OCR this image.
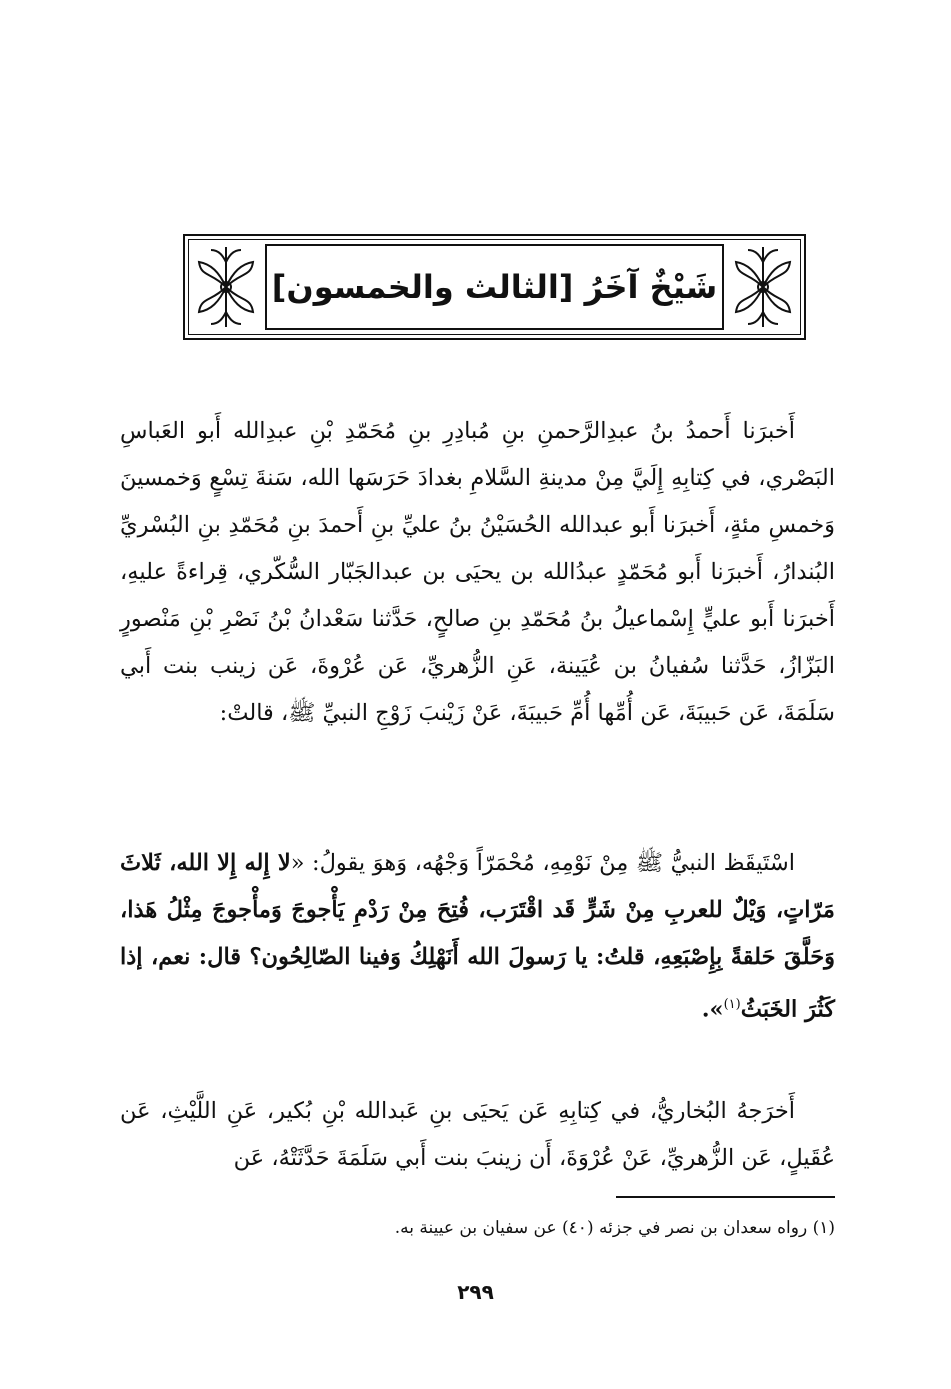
شَيْخٌ آخَرُ [الثالث والخمسون]

أَخبرَنا أَحمدُ بنُ عبدِالرَّحمنِ بنِ مُبادِرِ بنِ مُحَمّدِ بْنِ عبدِالله أَبو العَباسِ البَصْري، في كِتابِهِ إِلَيَّ مِنْ مدينةِ السَّلامِ بغدادَ حَرَسَها الله، سَنةَ تِسْعٍ وَخمسينَ وَخمسِ مئةٍ، أَخبرَنا أَبو عبدالله الحُسَيْنُ بنُ عليِّ بنِ أَحمدَ بنِ مُحَمّدِ بنِ البُسْريِّ البُندارُ، أَخبرَنا أَبو مُحَمّدٍ عبدُالله بن يحيَى بن عبدالجَبّار السُّكّري، قِراءةً عليهِ، أَخبرَنا أَبو عليٍّ إِسْماعيلُ بنُ مُحَمّدِ بنِ صالحٍ، حَدَّثنا سَعْدانُ بْنُ نَصْرِ بْنِ مَنْصورٍ البَزّازُ، حَدَّثنا سُفيانُ بن عُيَينة، عَنِ الزُّهريِّ، عَن عُرْوةَ، عَن زينب بنت أَبي سَلَمَةَ، عَن حَبيبَةَ، عَن أُمِّها أُمِّ حَبيبَةَ، عَنْ زَيْنبَ زَوْجِ النبيِّ ﷺ، قالتْ:

اسْتَيقَظ النبيُّ ﷺ مِنْ نَوْمِهِ، مُحْمَرّاً وَجْهُه، وَهوَ يقولُ: «لا إِله إِلا الله، ثَلاثَ مَرّاتٍ، وَيْلٌ للعربِ مِنْ شَرٍّ قَد اقْتَرَب، فُتِحَ مِنْ رَدْمِ يَأْجوجَ وَمأْجوجَ مِثْلُ هَذا، وَحَلَّقَ حَلقةً بِإِصْبَعِهِ، قلتُ: يا رَسولَ الله أَنَهْلِكُ وَفينا الصّالِحُون؟ قال: نعم، إذا كَثُرَ الخَبَثُ$^{(١)}$».

أَخرَجهُ البُخاريُّ، في كِتابِهِ عَن يَحيَى بنِ عَبدالله بْنِ بُكير، عَنِ اللَّيْثِ، عَن عُقَيلٍ، عَن الزُّهريِّ، عَنْ عُرْوَةَ، أَن زينبَ بنت أَبي سَلَمَةَ حَدَّثَتْهُ، عَن

(١) رواه سعدان بن نصر في جزئه (٤٠) عن سفيان بن عيينة به.
٢٩٩
